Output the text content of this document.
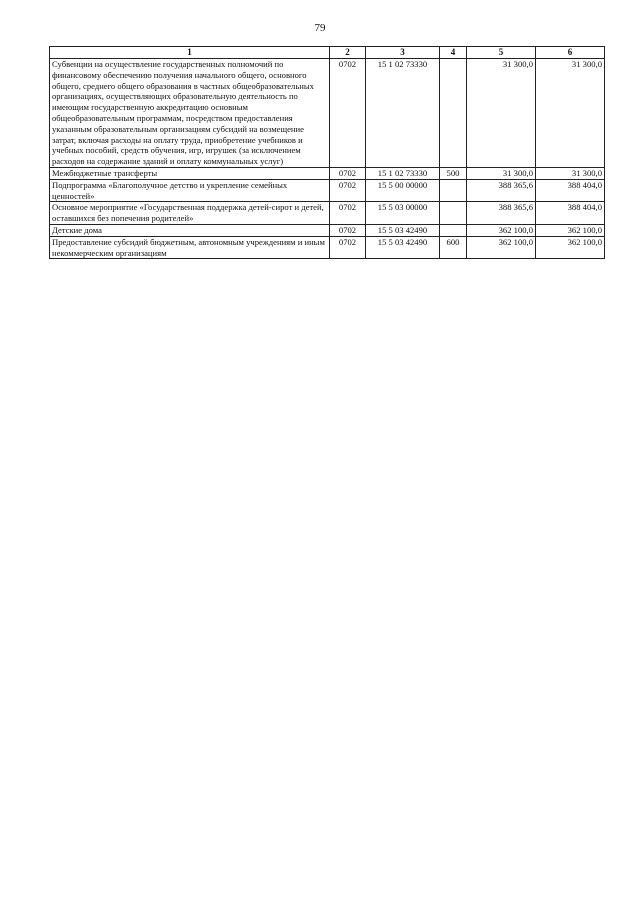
79
1	2	3	4	5	6
Субвенции на осуществление государственных полномочий по финансовому обеспечению получения начального общего, основного общего, среднего общего образования в частных общеобразовательных организациях, осуществляющих образовательную деятельность по имеющим государственную аккредитацию основным общеобразовательным программам, посредством предоставления указанным образовательным организациям субсидий на возмещение затрат, включая расходы на оплату труда, приобретение учебников и учебных пособий, средств обучения, игр, игрушек (за исключением расходов на содержание зданий и оплату коммунальных услуг)	0702	15 1 02 73330		31 300,0	31 300,0
Межбюджетные трансферты	0702	15 1 02 73330	500	31 300,0	31 300,0
Подпрограмма «Благополучное детство и укрепление семейных ценностей»	0702	15 5 00 00000		388 365,6	388 404,0
Основное мероприятие «Государственная поддержка детей-сирот и детей, оставшихся без попечения родителей»	0702	15 5 03 00000		388 365,6	388 404,0
Детские дома	0702	15 5 03 42490		362 100,0	362 100,0
Предоставление субсидий бюджетным, автономным учреждениям и иным некоммерческим организациям	0702	15 5 03 42490	600	362 100,0	362 100,0
